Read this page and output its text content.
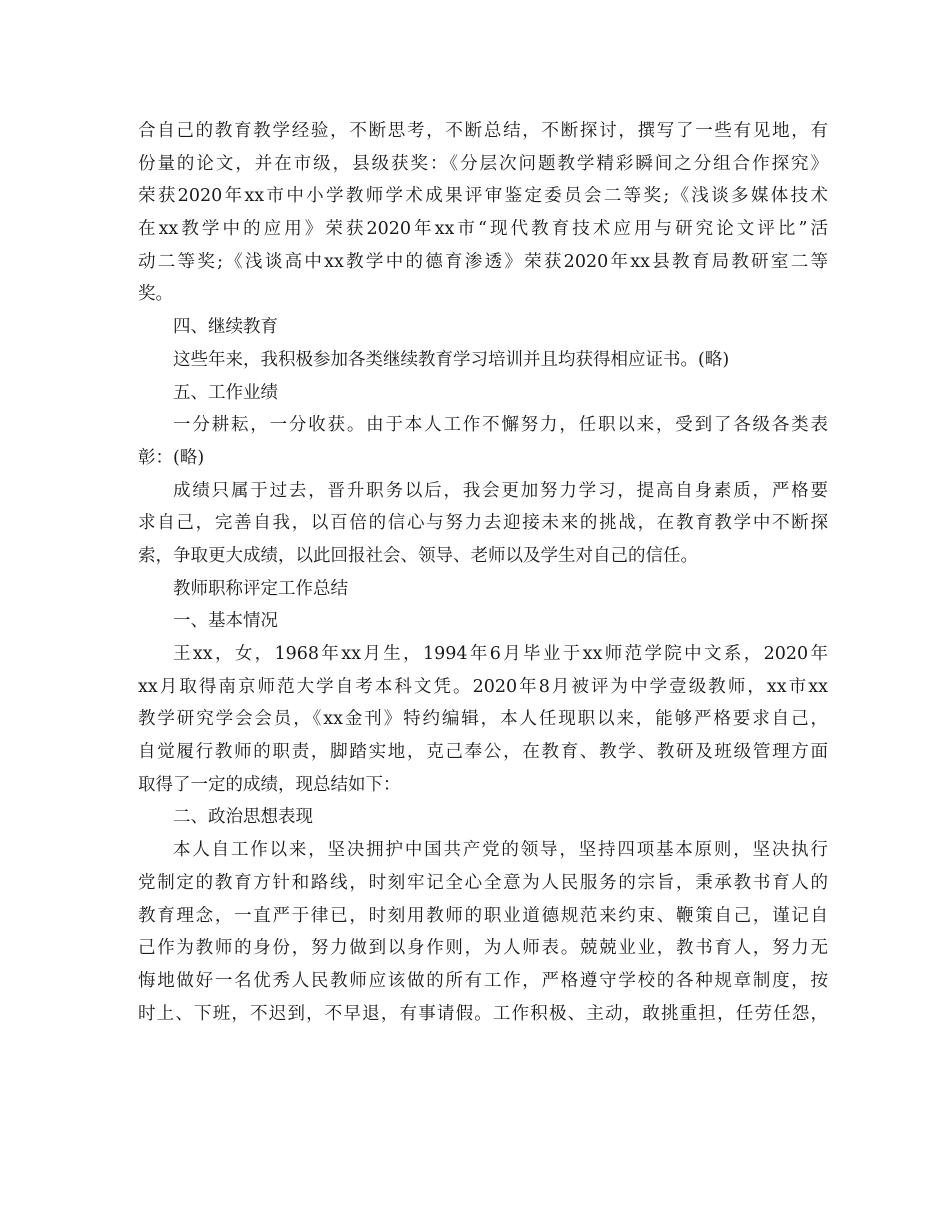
合自己的教育教学经验，不断思考，不断总结，不断探讨，撰写了一些有见地，有
份量的论文，并在市级，县级获奖：《分层次问题教学精彩瞬间之分组合作探究》
荣获2020年xx市中小学教师学术成果评审鉴定委员会二等奖;《浅谈多媒体技术
在xx教学中的应用》荣获2020年xx市“现代教育技术应用与研究论文评比”活
动二等奖;《浅谈高中xx教学中的德育渗透》荣获2020年xx县教育局教研室二等
奖。
四、继续教育
这些年来，我积极参加各类继续教育学习培训并且均获得相应证书。(略)
五、工作业绩
一分耕耘，一分收获。由于本人工作不懈努力，任职以来，受到了各级各类表
彰：(略)
成绩只属于过去，晋升职务以后，我会更加努力学习，提高自身素质，严格要
求自己，完善自我，以百倍的信心与努力去迎接未来的挑战，在教育教学中不断探
索，争取更大成绩，以此回报社会、领导、老师以及学生对自己的信任。
教师职称评定工作总结
一、基本情况
王xx，女，1968年xx月生，1994年6月毕业于xx师范学院中文系，2020年
xx月取得南京师范大学自考本科文凭。2020年8月被评为中学壹级教师，xx市xx
教学研究学会会员，《xx金刊》特约编辑，本人任现职以来，能够严格要求自己，
自觉履行教师的职责，脚踏实地，克己奉公，在教育、教学、教研及班级管理方面
取得了一定的成绩，现总结如下：
二、政治思想表现
本人自工作以来，坚决拥护中国共产党的领导，坚持四项基本原则，坚决执行
党制定的教育方针和路线，时刻牢记全心全意为人民服务的宗旨，秉承教书育人的
教育理念，一直严于律已，时刻用教师的职业道德规范来约束、鞭策自己，谨记自
己作为教师的身份，努力做到以身作则，为人师表。兢兢业业，教书育人，努力无
悔地做好一名优秀人民教师应该做的所有工作，严格遵守学校的各种规章制度，按
时上、下班，不迟到，不早退，有事请假。工作积极、主动，敢挑重担，任劳任怨，
